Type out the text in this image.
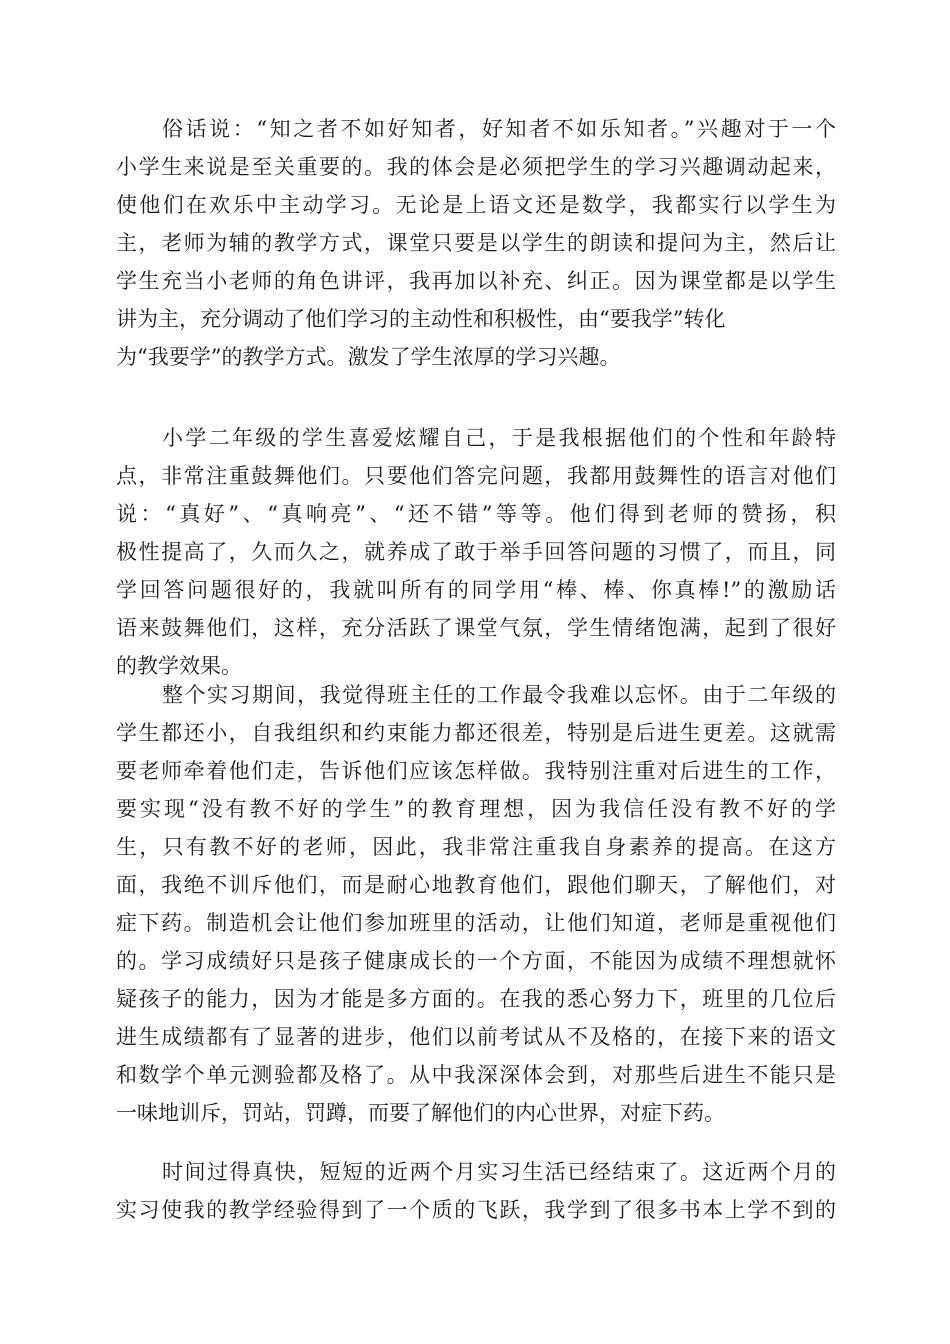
俗话说：“知之者不如好知者，好知者不如乐知者。”兴趣对于一个
小学生来说是至关重要的。我的体会是必须把学生的学习兴趣调动起来，
使他们在欢乐中主动学习。无论是上语文还是数学，我都实行以学生为
主，老师为辅的教学方式，课堂只要是以学生的朗读和提问为主，然后让
学生充当小老师的角色讲评，我再加以补充、纠正。因为课堂都是以学生
讲为主，充分调动了他们学习的主动性和积极性，由“要我学”转化
为“我要学”的教学方式。激发了学生浓厚的学习兴趣。
小学二年级的学生喜爱炫耀自己，于是我根据他们的个性和年龄特
点，非常注重鼓舞他们。只要他们答完问题，我都用鼓舞性的语言对他们
说：“真好”、“真响亮”、“还不错”等等。他们得到老师的赞扬，积
极性提高了，久而久之，就养成了敢于举手回答问题的习惯了，而且，同
学回答问题很好的，我就叫所有的同学用“棒、棒、你真棒!”的激励话
语来鼓舞他们，这样，充分活跃了课堂气氛，学生情绪饱满，起到了很好
的教学效果。
整个实习期间，我觉得班主任的工作最令我难以忘怀。由于二年级的
学生都还小，自我组织和约束能力都还很差，特别是后进生更差。这就需
要老师牵着他们走，告诉他们应该怎样做。我特别注重对后进生的工作，
要实现“没有教不好的学生”的教育理想，因为我信任没有教不好的学
生，只有教不好的老师，因此，我非常注重我自身素养的提高。在这方
面，我绝不训斥他们，而是耐心地教育他们，跟他们聊天，了解他们，对
症下药。制造机会让他们参加班里的活动，让他们知道，老师是重视他们
的。学习成绩好只是孩子健康成长的一个方面，不能因为成绩不理想就怀
疑孩子的能力，因为才能是多方面的。在我的悉心努力下，班里的几位后
进生成绩都有了显著的进步，他们以前考试从不及格的，在接下来的语文
和数学个单元测验都及格了。从中我深深体会到，对那些后进生不能只是
一味地训斥，罚站，罚蹲，而要了解他们的内心世界，对症下药。
时间过得真快，短短的近两个月实习生活已经结束了。这近两个月的
实习使我的教学经验得到了一个质的飞跃，我学到了很多书本上学不到的
